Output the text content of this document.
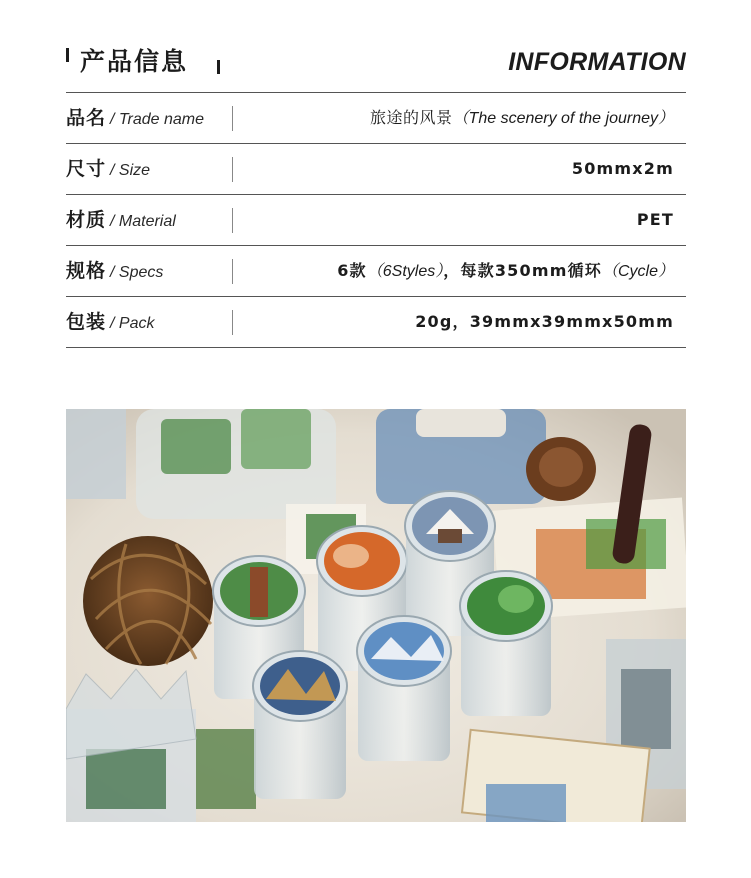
产品信息	INFORMATION
品名 / Trade name	旅途的风景（The scenery of the journey）
尺寸 / Size	50mmx2m
材质 / Material	PET
规格 / Specs	6款（6Styles），每款350mm循环（Cycle）
包装 / Pack	20g，39mmx39mmx50mm
